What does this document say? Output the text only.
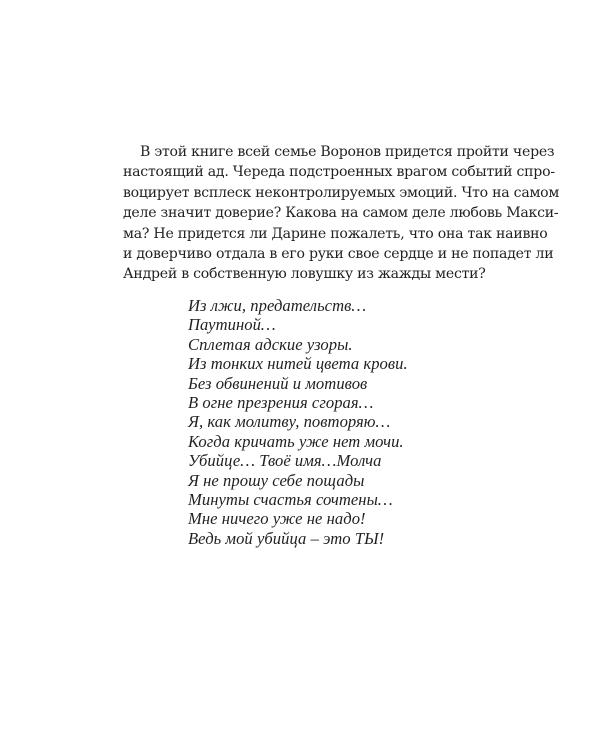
В этой книге всей семье Воронов придется пройти через
настоящий ад. Череда подстроенных врагом событий спро-
воцирует всплеск неконтролируемых эмоций. Что на самом
деле значит доверие? Какова на самом деле любовь Макси-
ма? Не придется ли Дарине пожалеть, что она так наивно
и доверчиво отдала в его руки свое сердце и не попадет ли
Андрей в собственную ловушку из жажды мести?
Из лжи, предательств…
Паутиной…
Сплетая адские узоры.
Из тонких нитей цвета крови.
Без обвинений и мотивов
В огне презрения сгорая…
Я, как молитву, повторяю…
Когда кричать уже нет мочи.
Убийце… Твоё имя…Молча
Я не прошу себе пощады
Минуты счастья сочтены…
Мне ничего уже не надо!
Ведь мой убийца – это ТЫ!
